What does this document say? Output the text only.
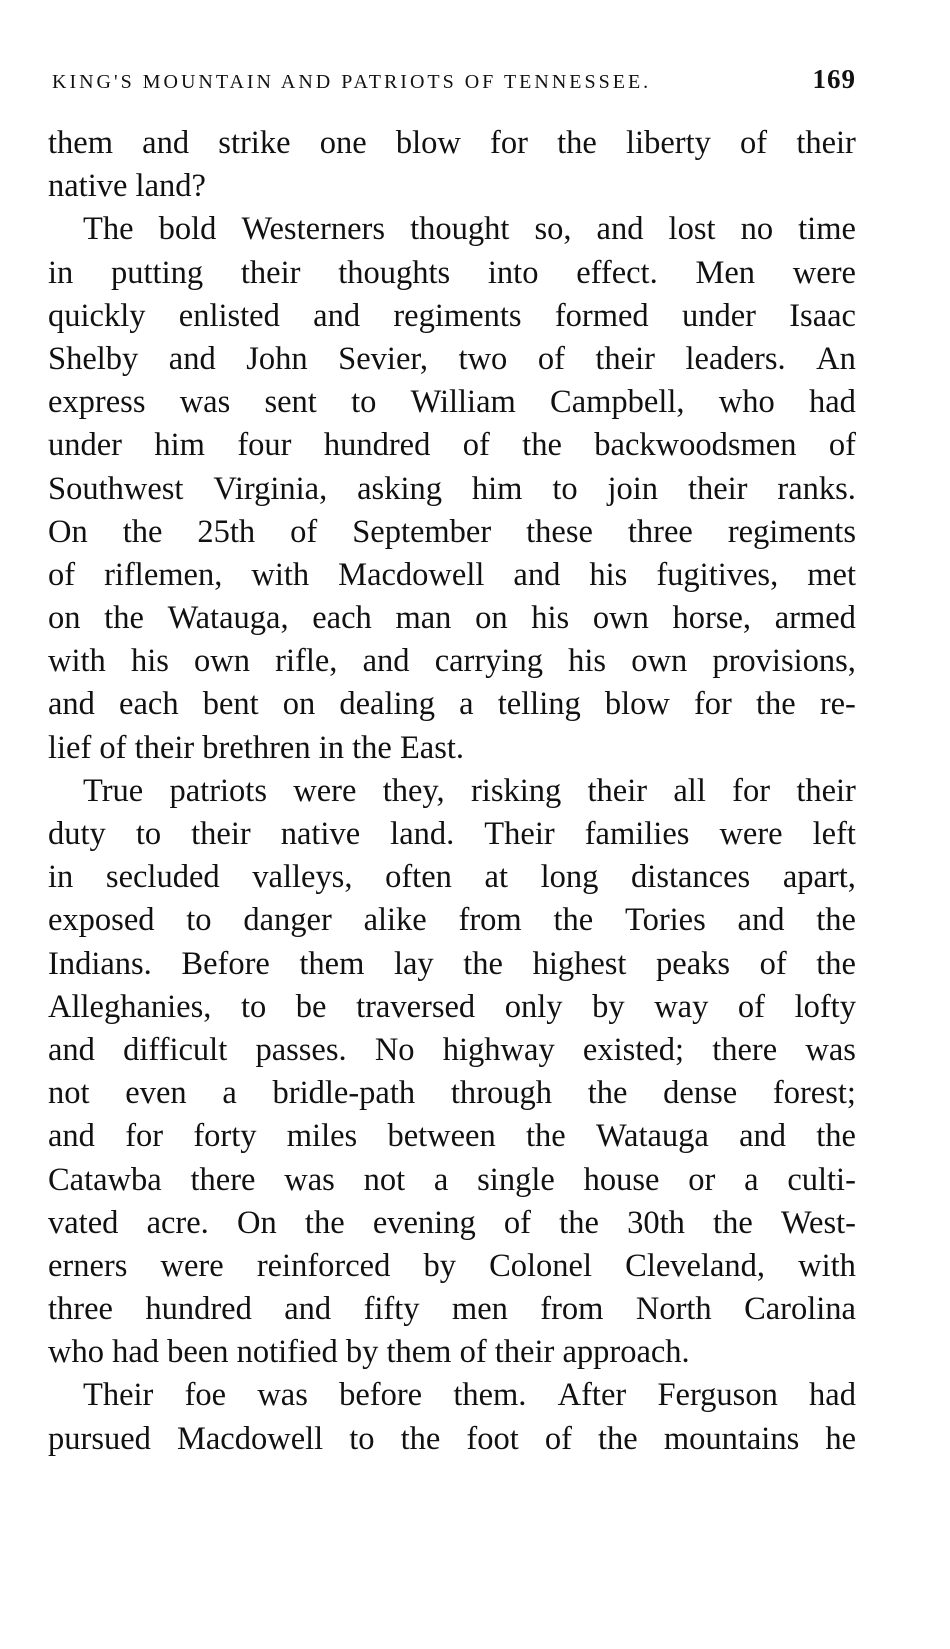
KING'S MOUNTAIN AND PATRIOTS OF TENNESSEE.	169
them and strike one blow for the liberty of their
native land?
The bold Westerners thought so, and lost no time
in putting their thoughts into effect. Men were
quickly enlisted and regiments formed under Isaac
Shelby and John Sevier, two of their leaders. An
express was sent to William Campbell, who had
under him four hundred of the backwoodsmen of
Southwest Virginia, asking him to join their ranks.
On the 25th of September these three regiments
of riflemen, with Macdowell and his fugitives, met
on the Watauga, each man on his own horse, armed
with his own rifle, and carrying his own provisions,
and each bent on dealing a telling blow for the re-
lief of their brethren in the East.
True patriots were they, risking their all for their
duty to their native land. Their families were left
in secluded valleys, often at long distances apart,
exposed to danger alike from the Tories and the
Indians. Before them lay the highest peaks of the
Alleghanies, to be traversed only by way of lofty
and difficult passes. No highway existed; there was
not even a bridle-path through the dense forest;
and for forty miles between the Watauga and the
Catawba there was not a single house or a culti-
vated acre. On the evening of the 30th the West-
erners were reinforced by Colonel Cleveland, with
three hundred and fifty men from North Carolina
who had been notified by them of their approach.
Their foe was before them. After Ferguson had
pursued Macdowell to the foot of the mountains he
